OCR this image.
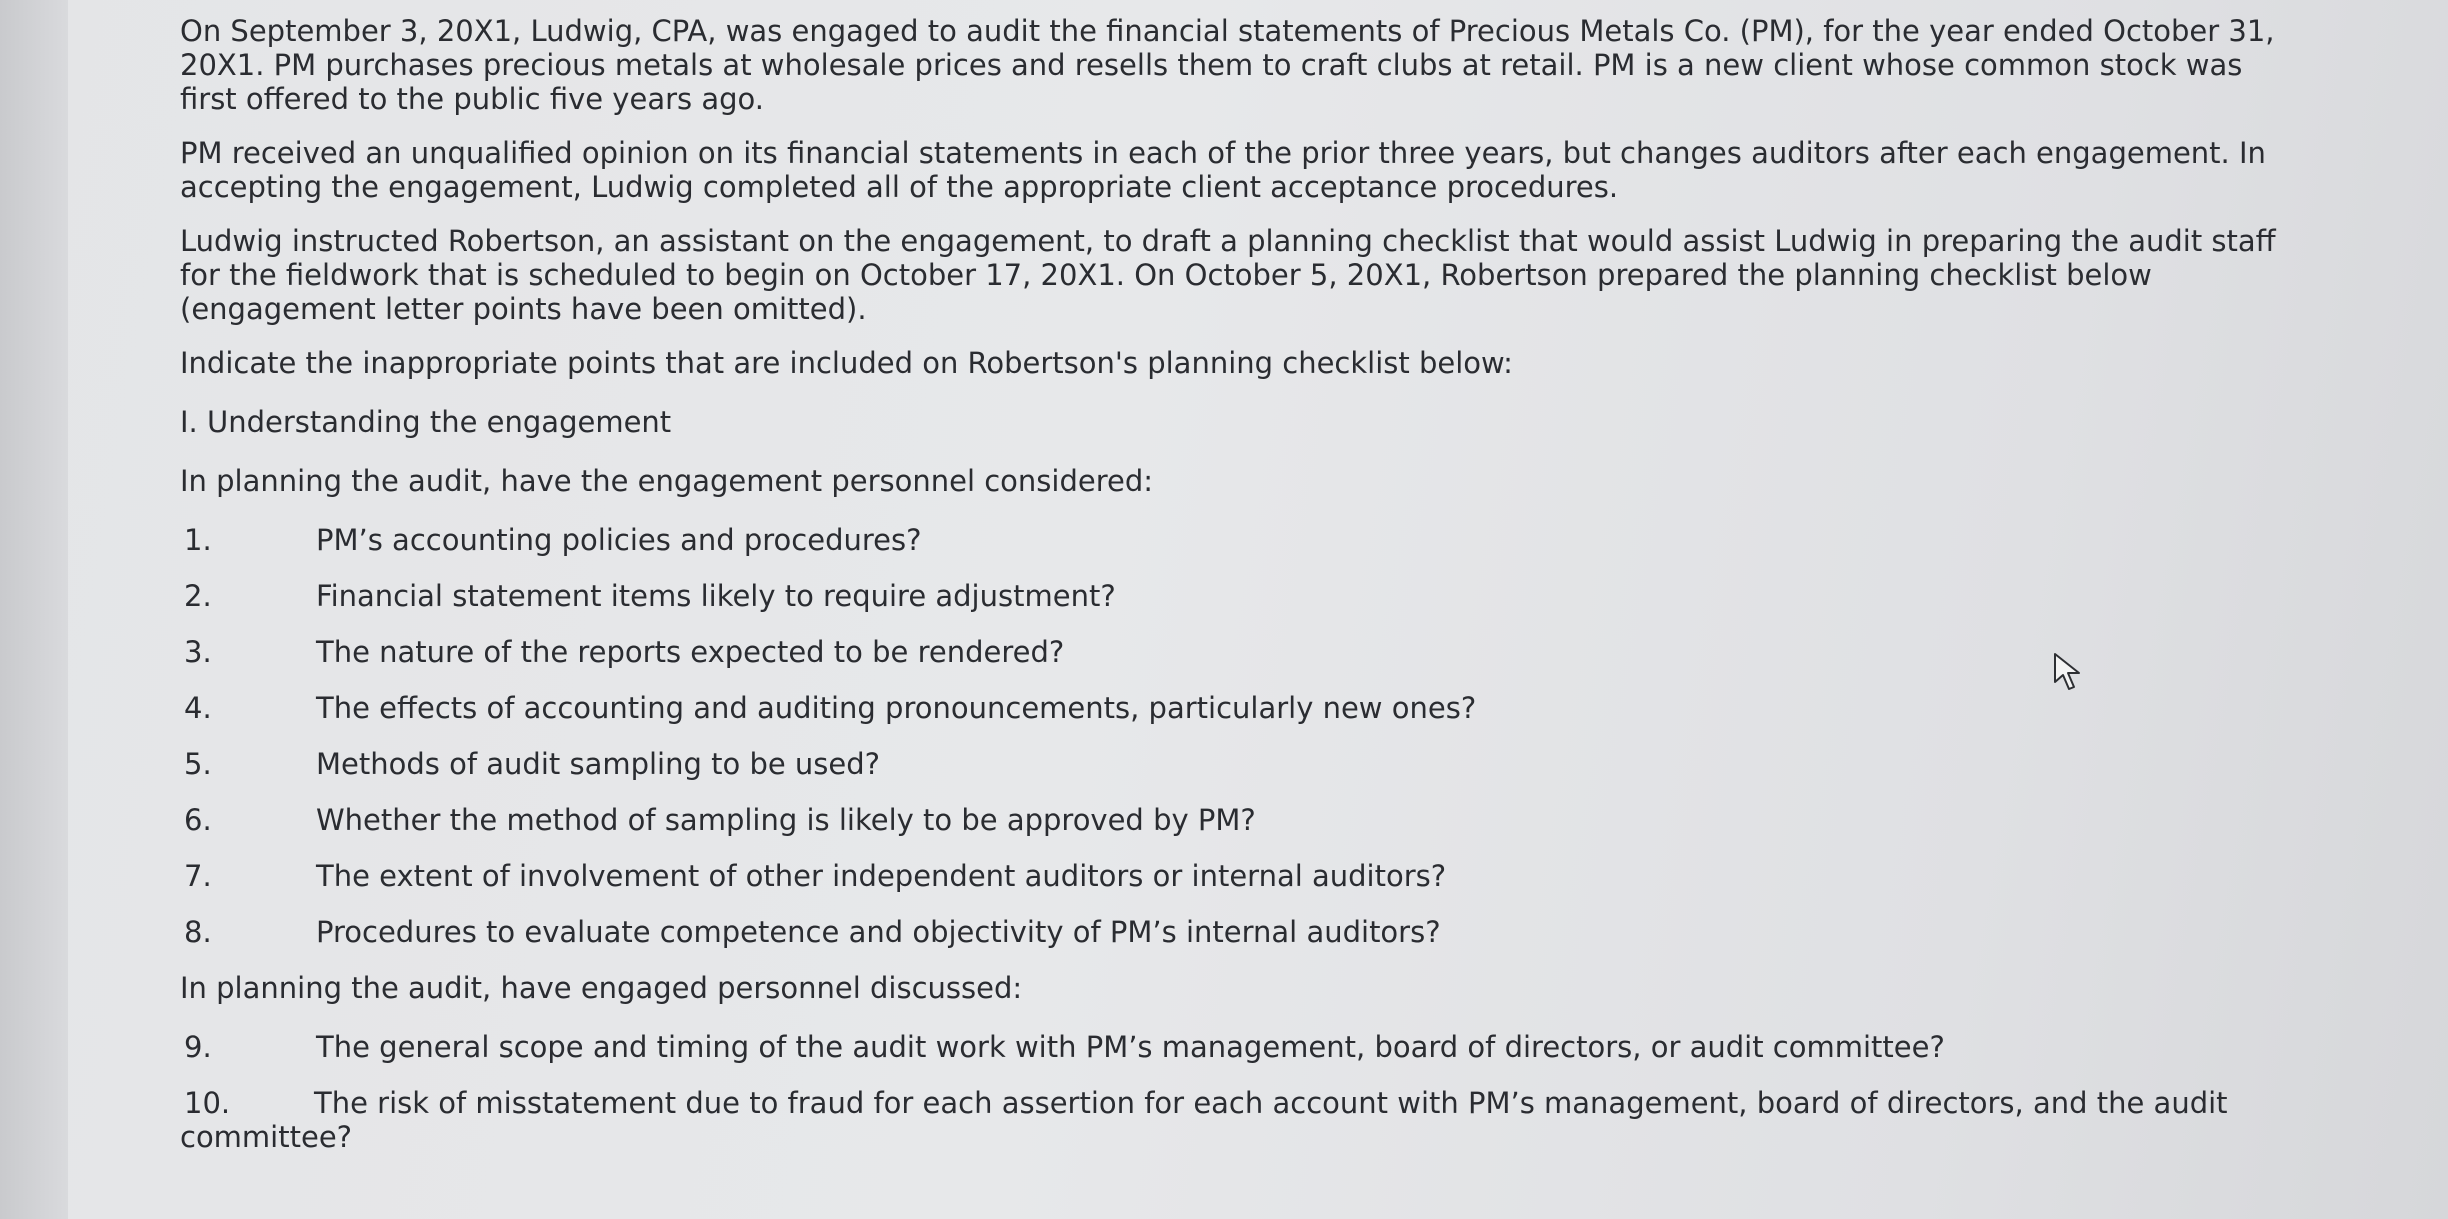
On September 3, 20X1, Ludwig, CPA, was engaged to audit the financial statements of Precious Metals Co. (PM), for the year ended October 31, 20X1. PM purchases precious metals at wholesale prices and resells them to craft clubs at retail. PM is a new client whose common stock was first offered to the public five years ago.

PM received an unqualified opinion on its financial statements in each of the prior three years, but changes auditors after each engagement. In accepting the engagement, Ludwig completed all of the appropriate client acceptance procedures.

Ludwig instructed Robertson, an assistant on the engagement, to draft a planning checklist that would assist Ludwig in preparing the audit staff for the fieldwork that is scheduled to begin on October 17, 20X1. On October 5, 20X1, Robertson prepared the planning checklist below (engagement letter points have been omitted).

Indicate the inappropriate points that are included on Robertson's planning checklist below:

I. Understanding the engagement

In planning the audit, have the engagement personnel considered:

1.	PM’s accounting policies and procedures?
2.	Financial statement items likely to require adjustment?
3.	The nature of the reports expected to be rendered?
4.	The effects of accounting and auditing pronouncements, particularly new ones?
5.	Methods of audit sampling to be used?
6.	Whether the method of sampling is likely to be approved by PM?
7.	The extent of involvement of other independent auditors or internal auditors?
8.	Procedures to evaluate competence and objectivity of PM’s internal auditors?

In planning the audit, have engaged personnel discussed:

9.	The general scope and timing of the audit work with PM’s management, board of directors, or audit committee?
10.	The risk of misstatement due to fraud for each assertion for each account with PM’s management, board of directors, and the audit committee?
